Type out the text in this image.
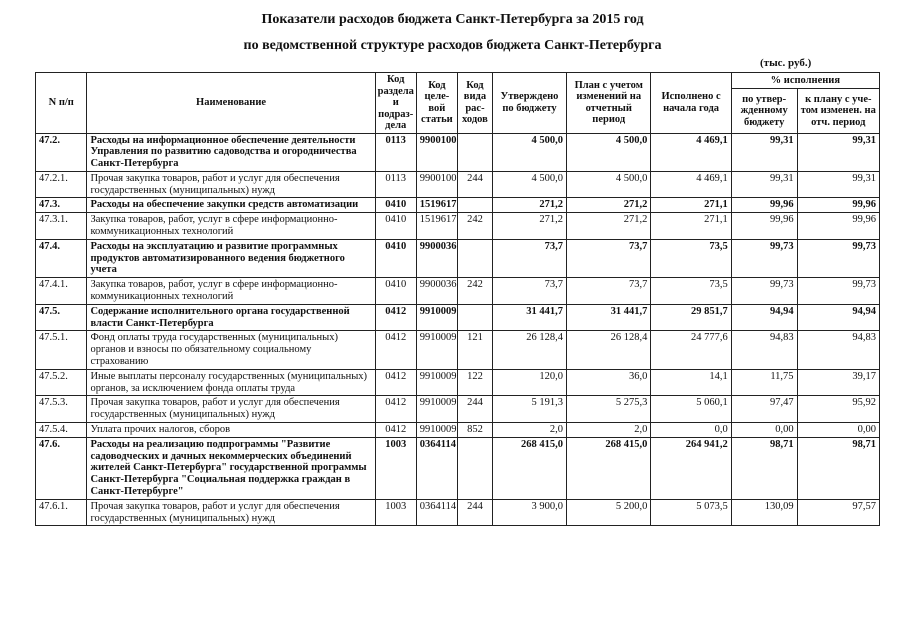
Показатели расходов бюджета Санкт-Петербурга за 2015 год
по ведомственной структуре расходов бюджета Санкт-Петербурга
(тыс. руб.)
N п/п	Наименование	Код раздела и подраз-дела	Код целе-вой статьи	Код вида рас-ходов	Утверждено по бюджету	План с учетом изменений на отчетный период	Исполнено с начала года	% исполнения	
								по утвер-жденному бюджету	к плану с уче-том изменен. на отч. период
47.2.	Расходы на информационное обеспечение деятельности Управления по развитию садоводства и огородничества Санкт-Петербурга	0113	9900100		4 500,0	4 500,0	4 469,1	99,31	99,31
47.2.1.	Прочая закупка товаров, работ и услуг для обеспечения государственных (муниципальных) нужд	0113	9900100	244	4 500,0	4 500,0	4 469,1	99,31	99,31
47.3.	Расходы на обеспечение закупки средств автоматизации	0410	1519617		271,2	271,2	271,1	99,96	99,96
47.3.1.	Закупка товаров, работ, услуг в сфере информационно-коммуникационных технологий	0410	1519617	242	271,2	271,2	271,1	99,96	99,96
47.4.	Расходы на эксплуатацию и развитие программных продуктов автоматизированного ведения бюджетного учета	0410	9900036		73,7	73,7	73,5	99,73	99,73
47.4.1.	Закупка товаров, работ, услуг в сфере информационно-коммуникационных технологий	0410	9900036	242	73,7	73,7	73,5	99,73	99,73
47.5.	Содержание исполнительного органа государственной власти Санкт-Петербурга	0412	9910009		31 441,7	31 441,7	29 851,7	94,94	94,94
47.5.1.	Фонд оплаты труда государственных (муниципальных) органов и взносы по обязательному социальному страхованию	0412	9910009	121	26 128,4	26 128,4	24 777,6	94,83	94,83
47.5.2.	Иные выплаты персоналу государственных (муниципальных) органов, за исключением фонда оплаты труда	0412	9910009	122	120,0	36,0	14,1	11,75	39,17
47.5.3.	Прочая закупка товаров, работ и услуг для обеспечения государственных (муниципальных) нужд	0412	9910009	244	5 191,3	5 275,3	5 060,1	97,47	95,92
47.5.4.	Уплата прочих налогов, сборов	0412	9910009	852	2,0	2,0	0,0	0,00	0,00
47.6.	Расходы на реализацию подпрограммы "Развитие садоводческих и дачных некоммерческих объединений жителей Санкт-Петербурга" государственной программы Санкт-Петербурга "Социальная поддержка граждан в Санкт-Петербурге"	1003	0364114		268 415,0	268 415,0	264 941,2	98,71	98,71
47.6.1.	Прочая закупка товаров, работ и услуг для обеспечения государственных (муниципальных) нужд	1003	0364114	244	3 900,0	5 200,0	5 073,5	130,09	97,57
